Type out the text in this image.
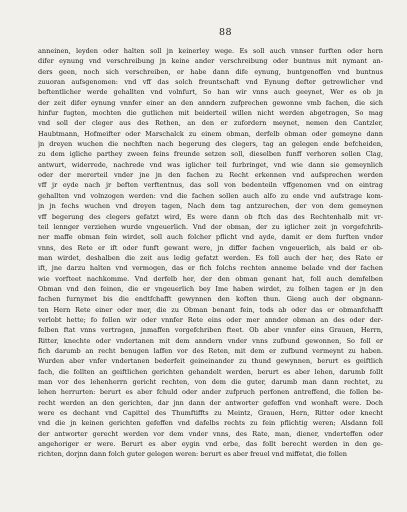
88
anneinen, leyden oder halten soll jn keinerley wege. Es soll auch vnnser furften oder hern
difer eynung vnd verschreibung jn keine ander verschreibung oder buntnus mit nymant an-
ders geen, noch sich verschreiben, er habe dann dife eynung, buntgenoffen vnd buntnus
zuuoran aufsgenomen: vnd vff das solch freuntschaft vnd Eynung defter getrewlicher vnd
beftentlicher werde gehallten vnd volnfurt, So han wir vnns auch geeynet, Wer es ob jn
der zeit difer eynung vnnfer einer an den anndern zufprechen gewonne vmb fachen, die sich
hinfur fugten, mochten die gutlichen mit beiderteil willen nicht werden abgetragen, So mag
vnd soll der cleger aus des Rethen, an den er zufordern meynet, nemen den Cantzler,
Haubtmann, Hofmeifter oder Marschalck zu einem obman, derfelb obman oder gemeyne dann
jn dreyen wuchen die nechften nach begerung des clegers, tag an gelegen ende befcheiden,
zu dem igliche parthey zween feins freunde setzen soll, dieselben funff verhoren sollen Clag,
antwurt, widerrede, nachrede vnd was iglicher teil furbringet, vnd wie dann sie gemeynlich
oder der mererteil vnder jne jn den fachen zu Recht erkennen vnd aufsprechen werden
vff jr eyde nach jr beften verftentnus, das soll von bedenteiln vffgenomen vnd on eintrag
gehallten vnd volnzogen werden: vnd die fachen sollen auch alfo zu ende vnd aufstrage kom-
jn jn fechs wuchen vnd dreyen tagen, Nach dem tag antzurechen, der von dem gemeynen
vff begerung des clegers gefatzt wird, Es were dann ob ftch das des Rechtenhalb mit vr-
teil lennger verziehen wurde vngeuerlich. Vnd der obman, der zu iglicher zeit jn vorgefchrib-
ner maffe obman fein wirdet, soll auch folcher pflicht vnd ayde, damit er dem furften vnder
vnns, des Rete er ift oder funft gewant were, jn differ fachen vngeuerlich, als bald er ob-
man wirdet, deshalben die zeit aus ledig gefatzt werden. Es foll auch der her, des Rate er
ift, jne darzu halten vnd vermogen, das er fich folchs rechten anneme belade vnd der fachen
wie vorfteet nachkomme. Vnd derfelb her, der den obman genant hat, foll auch demfelben
Obman vnd den feinen, die er vngeuerlich bey Ime haben wirdet, zu folhen tagen er jn den
fachen furnymet bis die endtfchafft gewynnen den koften thun. Gieng auch der obgnann-
ten Hern Rete einer oder mer, die zu Obman benant fein, tods ab oder das er obmanfchafft
verlobt hette; fo follen wir oder vnnfer Rete eins oder mer annder obman an des oder der-
felben ftat vnns vertragen, jnmaffen vorgefchriben fteet. Ob aber vnnfer eins Grauen, Herrn,
Ritter, knechte oder vndertanen mit dem anndern vnder vnns zufbund gewonnen, So foll er
fich darumb an recht benugen laffen vor des Reten, mit dem er zufbund vermeynt zu haben.
Wurden aber vnfer vndertanen bederfeit geineinander zu thund gewynnen, berurt es geiftlich
fach, die follten an geiftlichen gerichten gehandelt werden, berurt es aber lehen, darumb follt
man vor des lehenherrn gericht rechten, von dem die guter, darumb man dann rechtet, zu
lehen herrurten: berurt es aber fchuld oder ander zufpruch perfonen antreffend, die follen be-
recht werden an den gerichten, dar jnn dann der antworter gefeffen vnd wonhaft were. Doch
were es dechant vnd Capittel des Thumftiffts zu Meintz, Grauen, Hern, Ritter oder knecht
vnd die jn keinen gerichten gefeffen vnd dafelbs rechts zu fein pflichtig weren; Alsdann foll
der antworter gerecht werden vor dem vnder vnns, des Rate, man, diener, vnderteffen oder
angehoriger er were. Berurt es aber eygin vnd erbe, das follt berecht werden in den ge-
richten, dorjnn dann folch guter gelegen weren: berurt es aber freuel vnd miffetat, die follen
